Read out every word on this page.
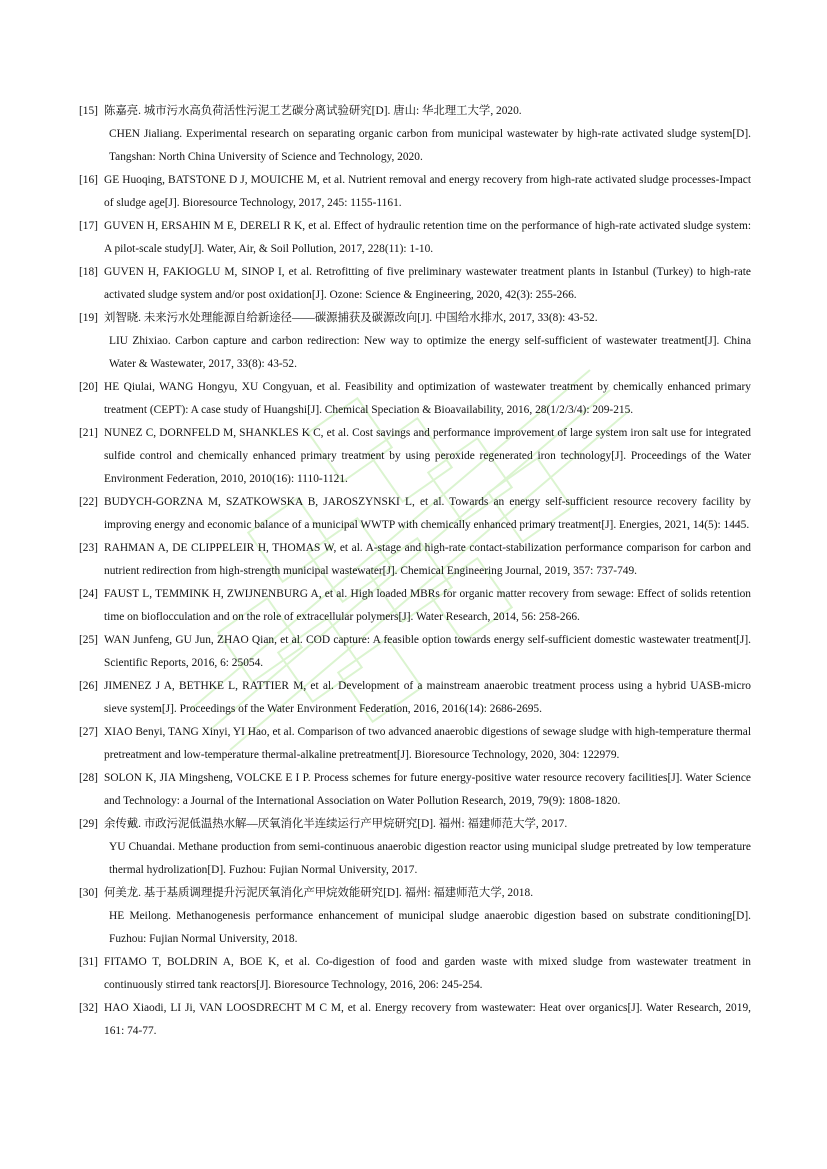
[15] 陈嘉亮. 城市污水高负荷活性污泥工艺碳分离试验研究[D]. 唐山: 华北理工大学, 2020.
CHEN Jialiang. Experimental research on separating organic carbon from municipal wastewater by high-rate activated sludge system[D]. Tangshan: North China University of Science and Technology, 2020.
[16] GE Huoqing, BATSTONE D J, MOUICHE M, et al. Nutrient removal and energy recovery from high-rate activated sludge processes-Impact of sludge age[J]. Bioresource Technology, 2017, 245: 1155-1161.
[17] GUVEN H, ERSAHIN M E, DERELI R K, et al. Effect of hydraulic retention time on the performance of high-rate activated sludge system: A pilot-scale study[J]. Water, Air, & Soil Pollution, 2017, 228(11): 1-10.
[18] GUVEN H, FAKIOGLU M, SINOP I, et al. Retrofitting of five preliminary wastewater treatment plants in Istanbul (Turkey) to high-rate activated sludge system and/or post oxidation[J]. Ozone: Science & Engineering, 2020, 42(3): 255-266.
[19] 刘智晓. 未来污水处理能源自给新途径——碳源捕获及碳源改向[J]. 中国给水排水, 2017, 33(8): 43-52.
LIU Zhixiao. Carbon capture and carbon redirection: New way to optimize the energy self-sufficient of wastewater treatment[J]. China Water & Wastewater, 2017, 33(8): 43-52.
[20] HE Qiulai, WANG Hongyu, XU Congyuan, et al. Feasibility and optimization of wastewater treatment by chemically enhanced primary treatment (CEPT): A case study of Huangshi[J]. Chemical Speciation & Bioavailability, 2016, 28(1/2/3/4): 209-215.
[21] NUNEZ C, DORNFELD M, SHANKLES K C, et al. Cost savings and performance improvement of large system iron salt use for integrated sulfide control and chemically enhanced primary treatment by using peroxide regenerated iron technology[J]. Proceedings of the Water Environment Federation, 2010, 2010(16): 1110-1121.
[22] BUDYCH-GORZNA M, SZATKOWSKA B, JAROSZYNSKI L, et al. Towards an energy self-sufficient resource recovery facility by improving energy and economic balance of a municipal WWTP with chemically enhanced primary treatment[J]. Energies, 2021, 14(5): 1445.
[23] RAHMAN A, DE CLIPPELEIR H, THOMAS W, et al. A-stage and high-rate contact-stabilization performance comparison for carbon and nutrient redirection from high-strength municipal wastewater[J]. Chemical Engineering Journal, 2019, 357: 737-749.
[24] FAUST L, TEMMINK H, ZWIJNENBURG A, et al. High loaded MBRs for organic matter recovery from sewage: Effect of solids retention time on bioflocculation and on the role of extracellular polymers[J]. Water Research, 2014, 56: 258-266.
[25] WAN Junfeng, GU Jun, ZHAO Qian, et al. COD capture: A feasible option towards energy self-sufficient domestic wastewater treatment[J]. Scientific Reports, 2016, 6: 25054.
[26] JIMENEZ J A, BETHKE L, RATTIER M, et al. Development of a mainstream anaerobic treatment process using a hybrid UASB-micro sieve system[J]. Proceedings of the Water Environment Federation, 2016, 2016(14): 2686-2695.
[27] XIAO Benyi, TANG Xinyi, YI Hao, et al. Comparison of two advanced anaerobic digestions of sewage sludge with high-temperature thermal pretreatment and low-temperature thermal-alkaline pretreatment[J]. Bioresource Technology, 2020, 304: 122979.
[28] SOLON K, JIA Mingsheng, VOLCKE E I P. Process schemes for future energy-positive water resource recovery facilities[J]. Water Science and Technology: a Journal of the International Association on Water Pollution Research, 2019, 79(9): 1808-1820.
[29] 余传戴. 市政污泥低温热水解—厌氧消化半连续运行产甲烷研究[D]. 福州: 福建师范大学, 2017.
YU Chuandai. Methane production from semi-continuous anaerobic digestion reactor using municipal sludge pretreated by low temperature thermal hydrolization[D]. Fuzhou: Fujian Normal University, 2017.
[30] 何美龙. 基于基质调理提升污泥厌氧消化产甲烷效能研究[D]. 福州: 福建师范大学, 2018.
HE Meilong. Methanogenesis performance enhancement of municipal sludge anaerobic digestion based on substrate conditioning[D]. Fuzhou: Fujian Normal University, 2018.
[31] FITAMO T, BOLDRIN A, BOE K, et al. Co-digestion of food and garden waste with mixed sludge from wastewater treatment in continuously stirred tank reactors[J]. Bioresource Technology, 2016, 206: 245-254.
[32] HAO Xiaodi, LI Ji, VAN LOOSDRECHT M C M, et al. Energy recovery from wastewater: Heat over organics[J]. Water Research, 2019, 161: 74-77.
